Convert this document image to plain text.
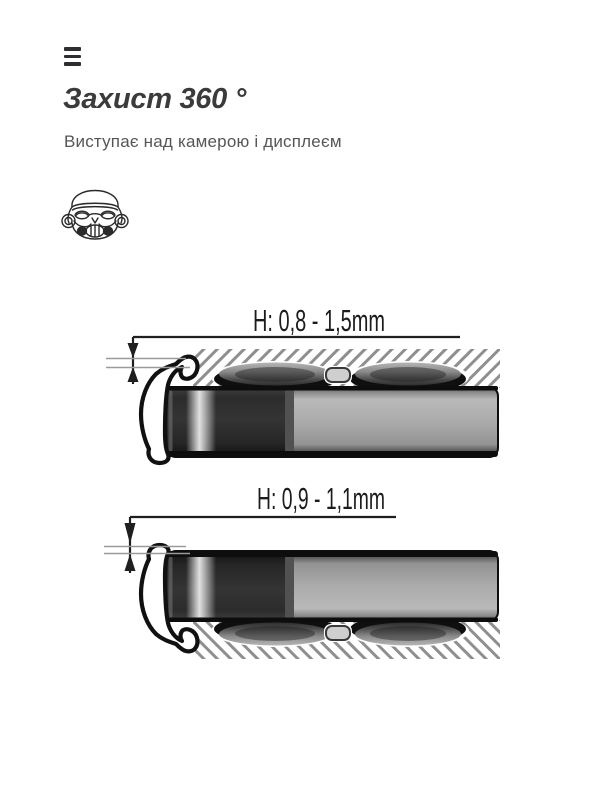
Захист 360 °
Виступає над камерою і дисплеєм
H: 0,8 - 1,5mm
H: 0,9 - 1,1mm
